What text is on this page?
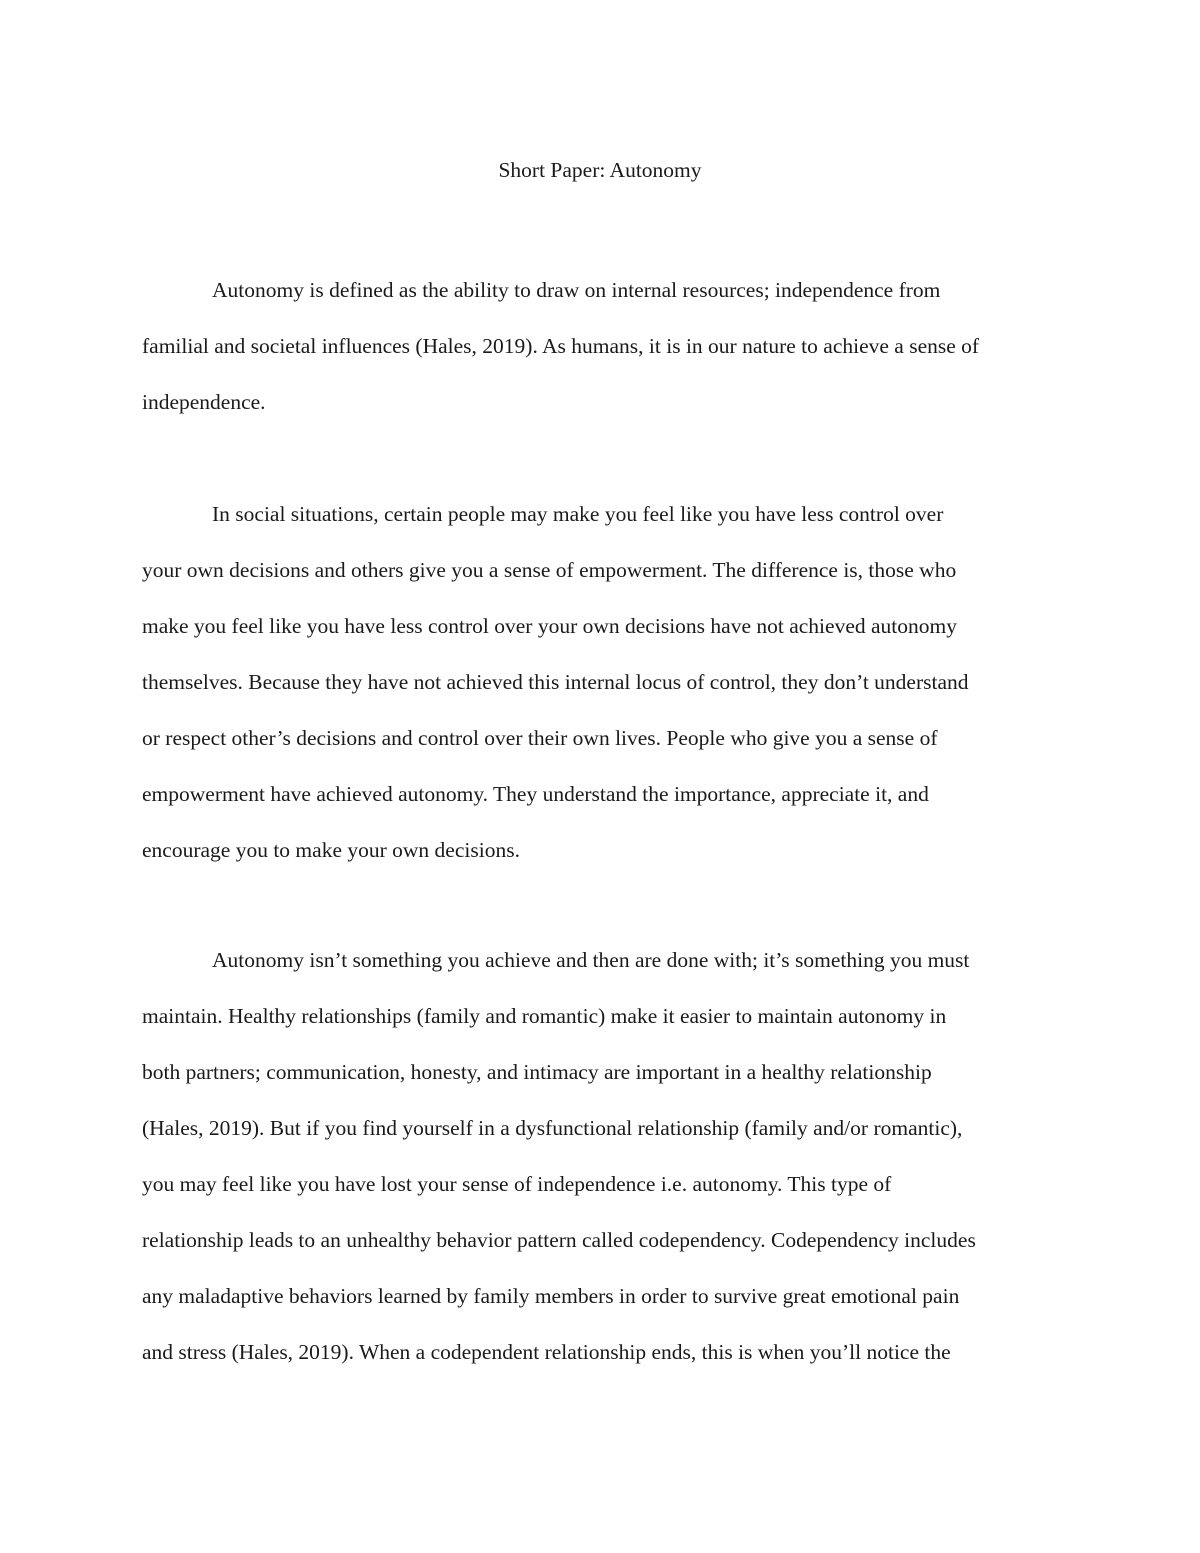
Short Paper: Autonomy
Autonomy is defined as the ability to draw on internal resources; independence from
familial and societal influences (Hales, 2019). As humans, it is in our nature to achieve a sense of
independence.
In social situations, certain people may make you feel like you have less control over
your own decisions and others give you a sense of empowerment. The difference is, those who
make you feel like you have less control over your own decisions have not achieved autonomy
themselves. Because they have not achieved this internal locus of control, they don’t understand
or respect other’s decisions and control over their own lives. People who give you a sense of
empowerment have achieved autonomy. They understand the importance, appreciate it, and
encourage you to make your own decisions.
Autonomy isn’t something you achieve and then are done with; it’s something you must
maintain. Healthy relationships (family and romantic) make it easier to maintain autonomy in
both partners; communication, honesty, and intimacy are important in a healthy relationship
(Hales, 2019). But if you find yourself in a dysfunctional relationship (family and/or romantic),
you may feel like you have lost your sense of independence i.e. autonomy. This type of
relationship leads to an unhealthy behavior pattern called codependency. Codependency includes
any maladaptive behaviors learned by family members in order to survive great emotional pain
and stress (Hales, 2019). When a codependent relationship ends, this is when you’ll notice the
